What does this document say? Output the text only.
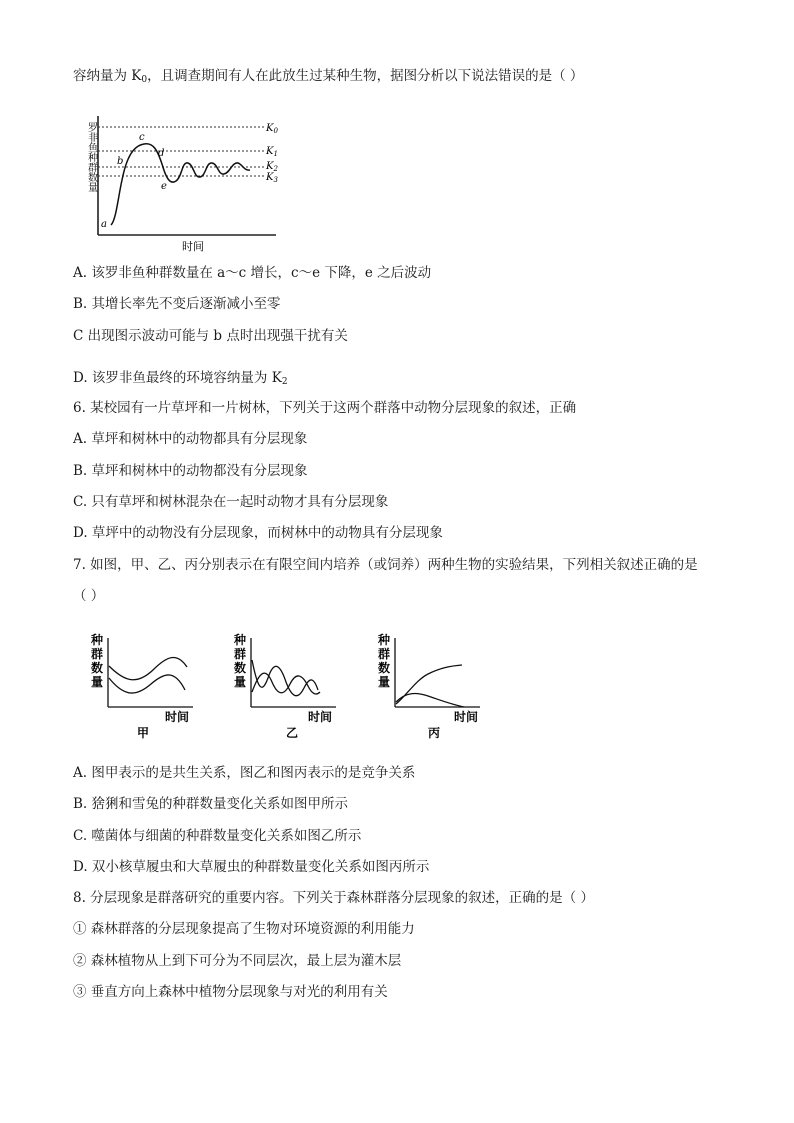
容纳量为 $K_0$，且调查期间有人在此放生过某种生物，据图分析以下说法错误的是（ ）
$K_0$
$K_1$
$K_2$
$K_3$
a
b
c
d
e
罗非鱼种群数量
时间
A. 该罗非鱼种群数量在 a～c 增长，c～e 下降，e 之后波动
B. 其增长率先不变后逐渐减小至零
C 出现图示波动可能与 b 点时出现强干扰有关
D. 该罗非鱼最终的环境容纳量为 $K_2$
6. 某校园有一片草坪和一片树林，下列关于这两个群落中动物分层现象的叙述，正确
A. 草坪和树林中的动物都具有分层现象
B. 草坪和树林中的动物都没有分层现象
C. 只有草坪和树林混杂在一起时动物才具有分层现象
D. 草坪中的动物没有分层现象，而树林中的动物具有分层现象
7. 如图，甲、乙、丙分别表示在有限空间内培养（或饲养）两种生物的实验结果，下列相关叙述正确的是
（ ）
种
群
数
量
时间
甲
种
群
数
量
时间
乙
种
群
数
量
时间
丙
A. 图甲表示的是共生关系，图乙和图丙表示的是竞争关系
B. 猞猁和雪兔的种群数量变化关系如图甲所示
C. 噬菌体与细菌的种群数量变化关系如图乙所示
D. 双小核草履虫和大草履虫的种群数量变化关系如图丙所示
8. 分层现象是群落研究的重要内容。下列关于森林群落分层现象的叙述，正确的是（ ）
① 森林群落的分层现象提高了生物对环境资源的利用能力
② 森林植物从上到下可分为不同层次，最上层为灌木层
③ 垂直方向上森林中植物分层现象与对光的利用有关
